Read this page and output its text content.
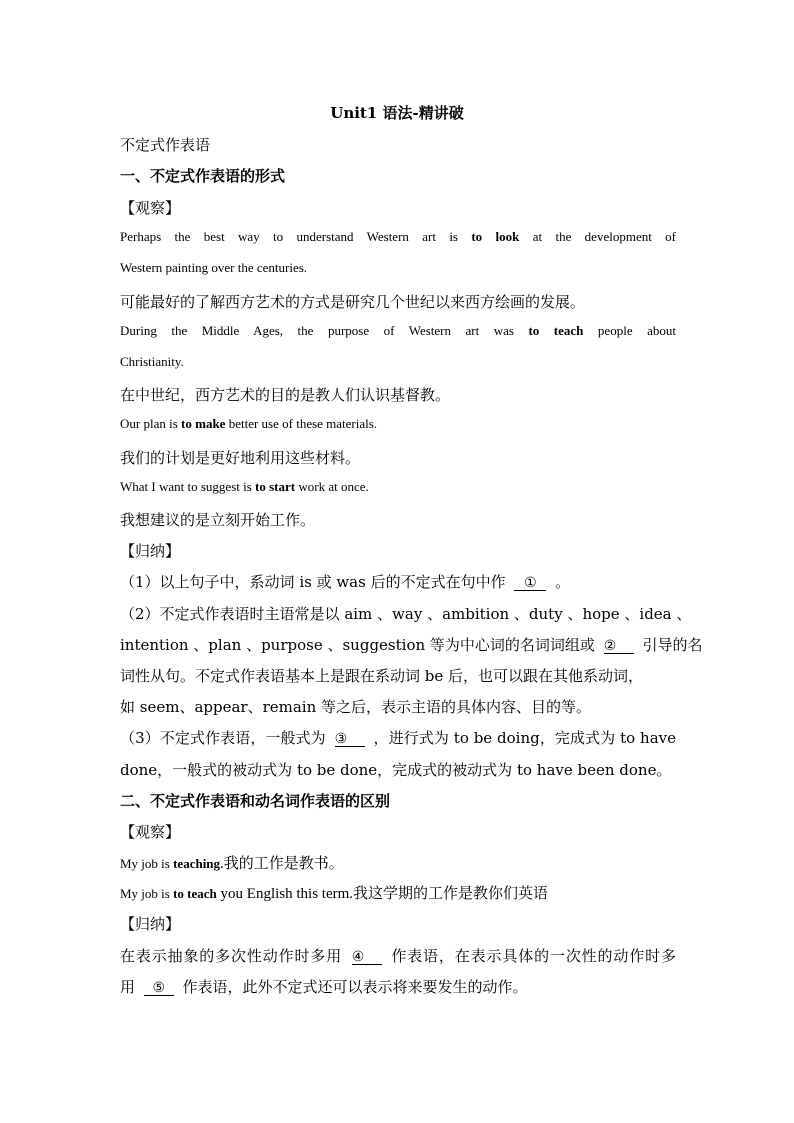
Unit1 语法-精讲破
不定式作表语
一、不定式作表语的形式
【观察】
Perhaps the best way to understand Western art is to look at the development of
Western painting over the centuries.
可能最好的了解西方艺术的方式是研究几个世纪以来西方绘画的发展。
During the Middle Ages, the purpose of Western art was to teach people about
Christianity.
在中世纪，西方艺术的目的是教人们认识基督教。
Our plan is to make better use of these materials.
我们的计划是更好地利用这些材料。
What I want to suggest is to start work at once.
我想建议的是立刻开始工作。
【归纳】
（1）以上句子中，系动词 is 或 was 后的不定式在句中作 ① 。
（2）不定式作表语时主语常是以 aim 、way 、ambition 、duty 、hope 、idea 、
intention 、plan 、purpose 、suggestion 等为中心词的名词词组或 ② 引导的名
词性从句。不定式作表语基本上是跟在系动词 be 后，也可以跟在其他系动词，
如 seem、appear、remain 等之后，表示主语的具体内容、目的等。
（3）不定式作表语，一般式为 ③ ，进行式为 to be doing，完成式为 to have
done，一般式的被动式为 to be done，完成式的被动式为 to have been done。
二、不定式作表语和动名词作表语的区别
【观察】
My job is teaching.我的工作是教书。
My job is to teach you English this term.我这学期的工作是教你们英语
【归纳】
在表示抽象的多次性动作时多用 ④ 作表语，在表示具体的一次性的动作时多
用 ⑤ 作表语，此外不定式还可以表示将来要发生的动作。
